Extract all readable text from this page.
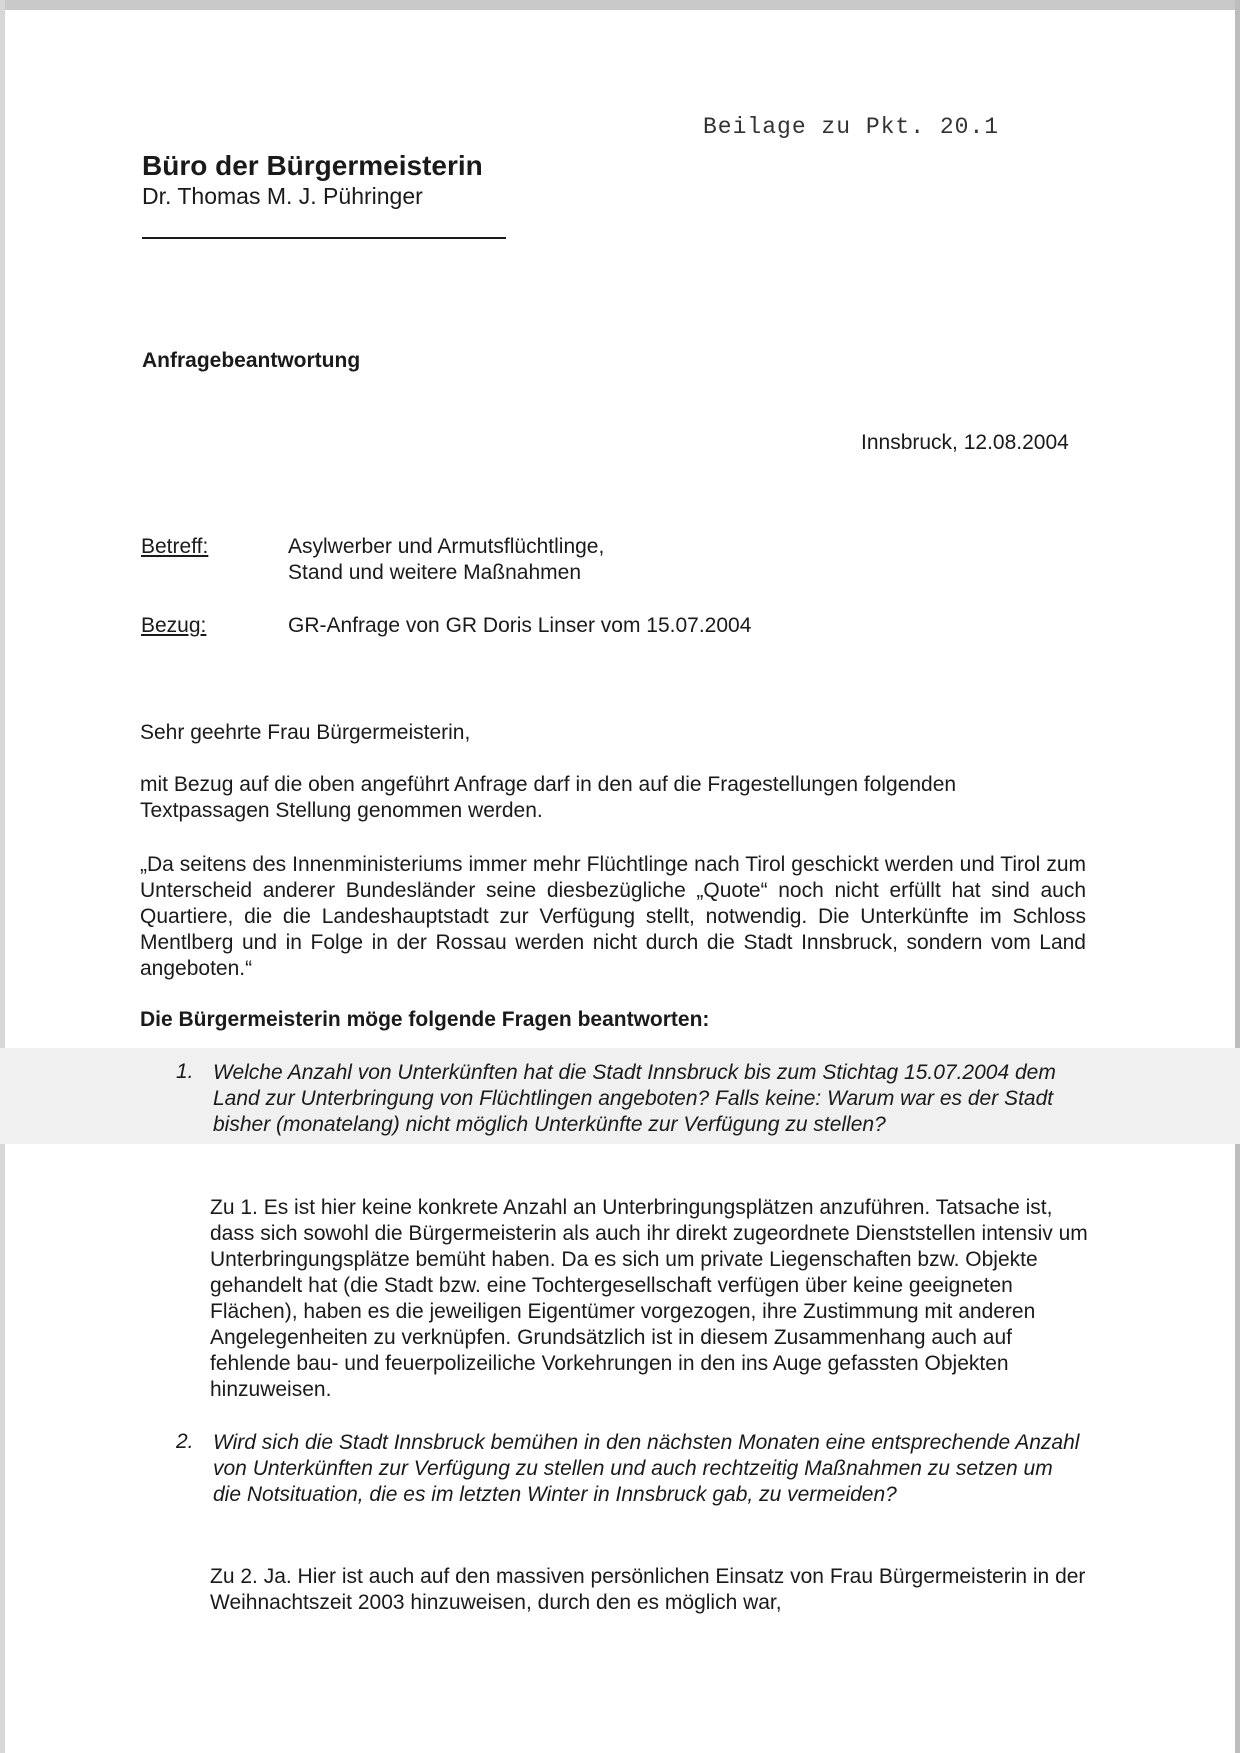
Beilage zu Pkt. 20.1

Büro der Bürgermeisterin

Dr. Thomas M. J. Pühringer

Anfragebeantwortung

Innsbruck, 12.08.2004

Betreff:	Asylwerber und Armutsflüchtlinge,

Stand und weitere Maßnahmen

Bezug:	GR-Anfrage von GR Doris Linser vom 15.07.2004

Sehr geehrte Frau Bürgermeisterin,

mit Bezug auf die oben angeführt Anfrage darf in den auf die Fragestellungen folgenden Textpassagen Stellung genommen werden.

„Da seitens des Innenministeriums immer mehr Flüchtlinge nach Tirol geschickt werden und Tirol zum Unterscheid anderer Bundesländer seine diesbezügliche „Quote“ noch nicht erfüllt hat sind auch Quartiere, die die Landeshauptstadt zur Verfügung stellt, notwendig. Die Unterkünfte im Schloss Mentlberg und in Folge in der Rossau werden nicht durch die Stadt Innsbruck, sondern vom Land angeboten.“

Die Bürgermeisterin möge folgende Fragen beantworten:

1. Welche Anzahl von Unterkünften hat die Stadt Innsbruck bis zum Stichtag 15.07.2004 dem Land zur Unterbringung von Flüchtlingen angeboten? Falls keine: Warum war es der Stadt bisher (monatelang) nicht möglich Unterkünfte zur Verfügung zu stellen?

Zu 1. Es ist hier keine konkrete Anzahl an Unterbringungsplätzen anzuführen. Tatsache ist, dass sich sowohl die Bürgermeisterin als auch ihr direkt zugeordnete Dienststellen intensiv um Unterbringungsplätze bemüht haben. Da es sich um private Liegenschaften bzw. Objekte gehandelt hat (die Stadt bzw. eine Tochtergesellschaft verfügen über keine geeigneten Flächen), haben es die jeweiligen Eigentümer vorgezogen, ihre Zustimmung mit anderen Angelegenheiten zu verknüpfen. Grundsätzlich ist in diesem Zusammenhang auch auf fehlende bau- und feuerpolizeiliche Vorkehrungen in den ins Auge gefassten Objekten hinzuweisen.

2. Wird sich die Stadt Innsbruck bemühen in den nächsten Monaten eine entsprechende Anzahl von Unterkünften zur Verfügung zu stellen und auch rechtzeitig Maßnahmen zu setzen um die Notsituation, die es im letzten Winter in Innsbruck gab, zu vermeiden?

Zu 2. Ja. Hier ist auch auf den massiven persönlichen Einsatz von Frau Bürgermeisterin in der Weihnachtszeit 2003 hinzuweisen, durch den es möglich war,
